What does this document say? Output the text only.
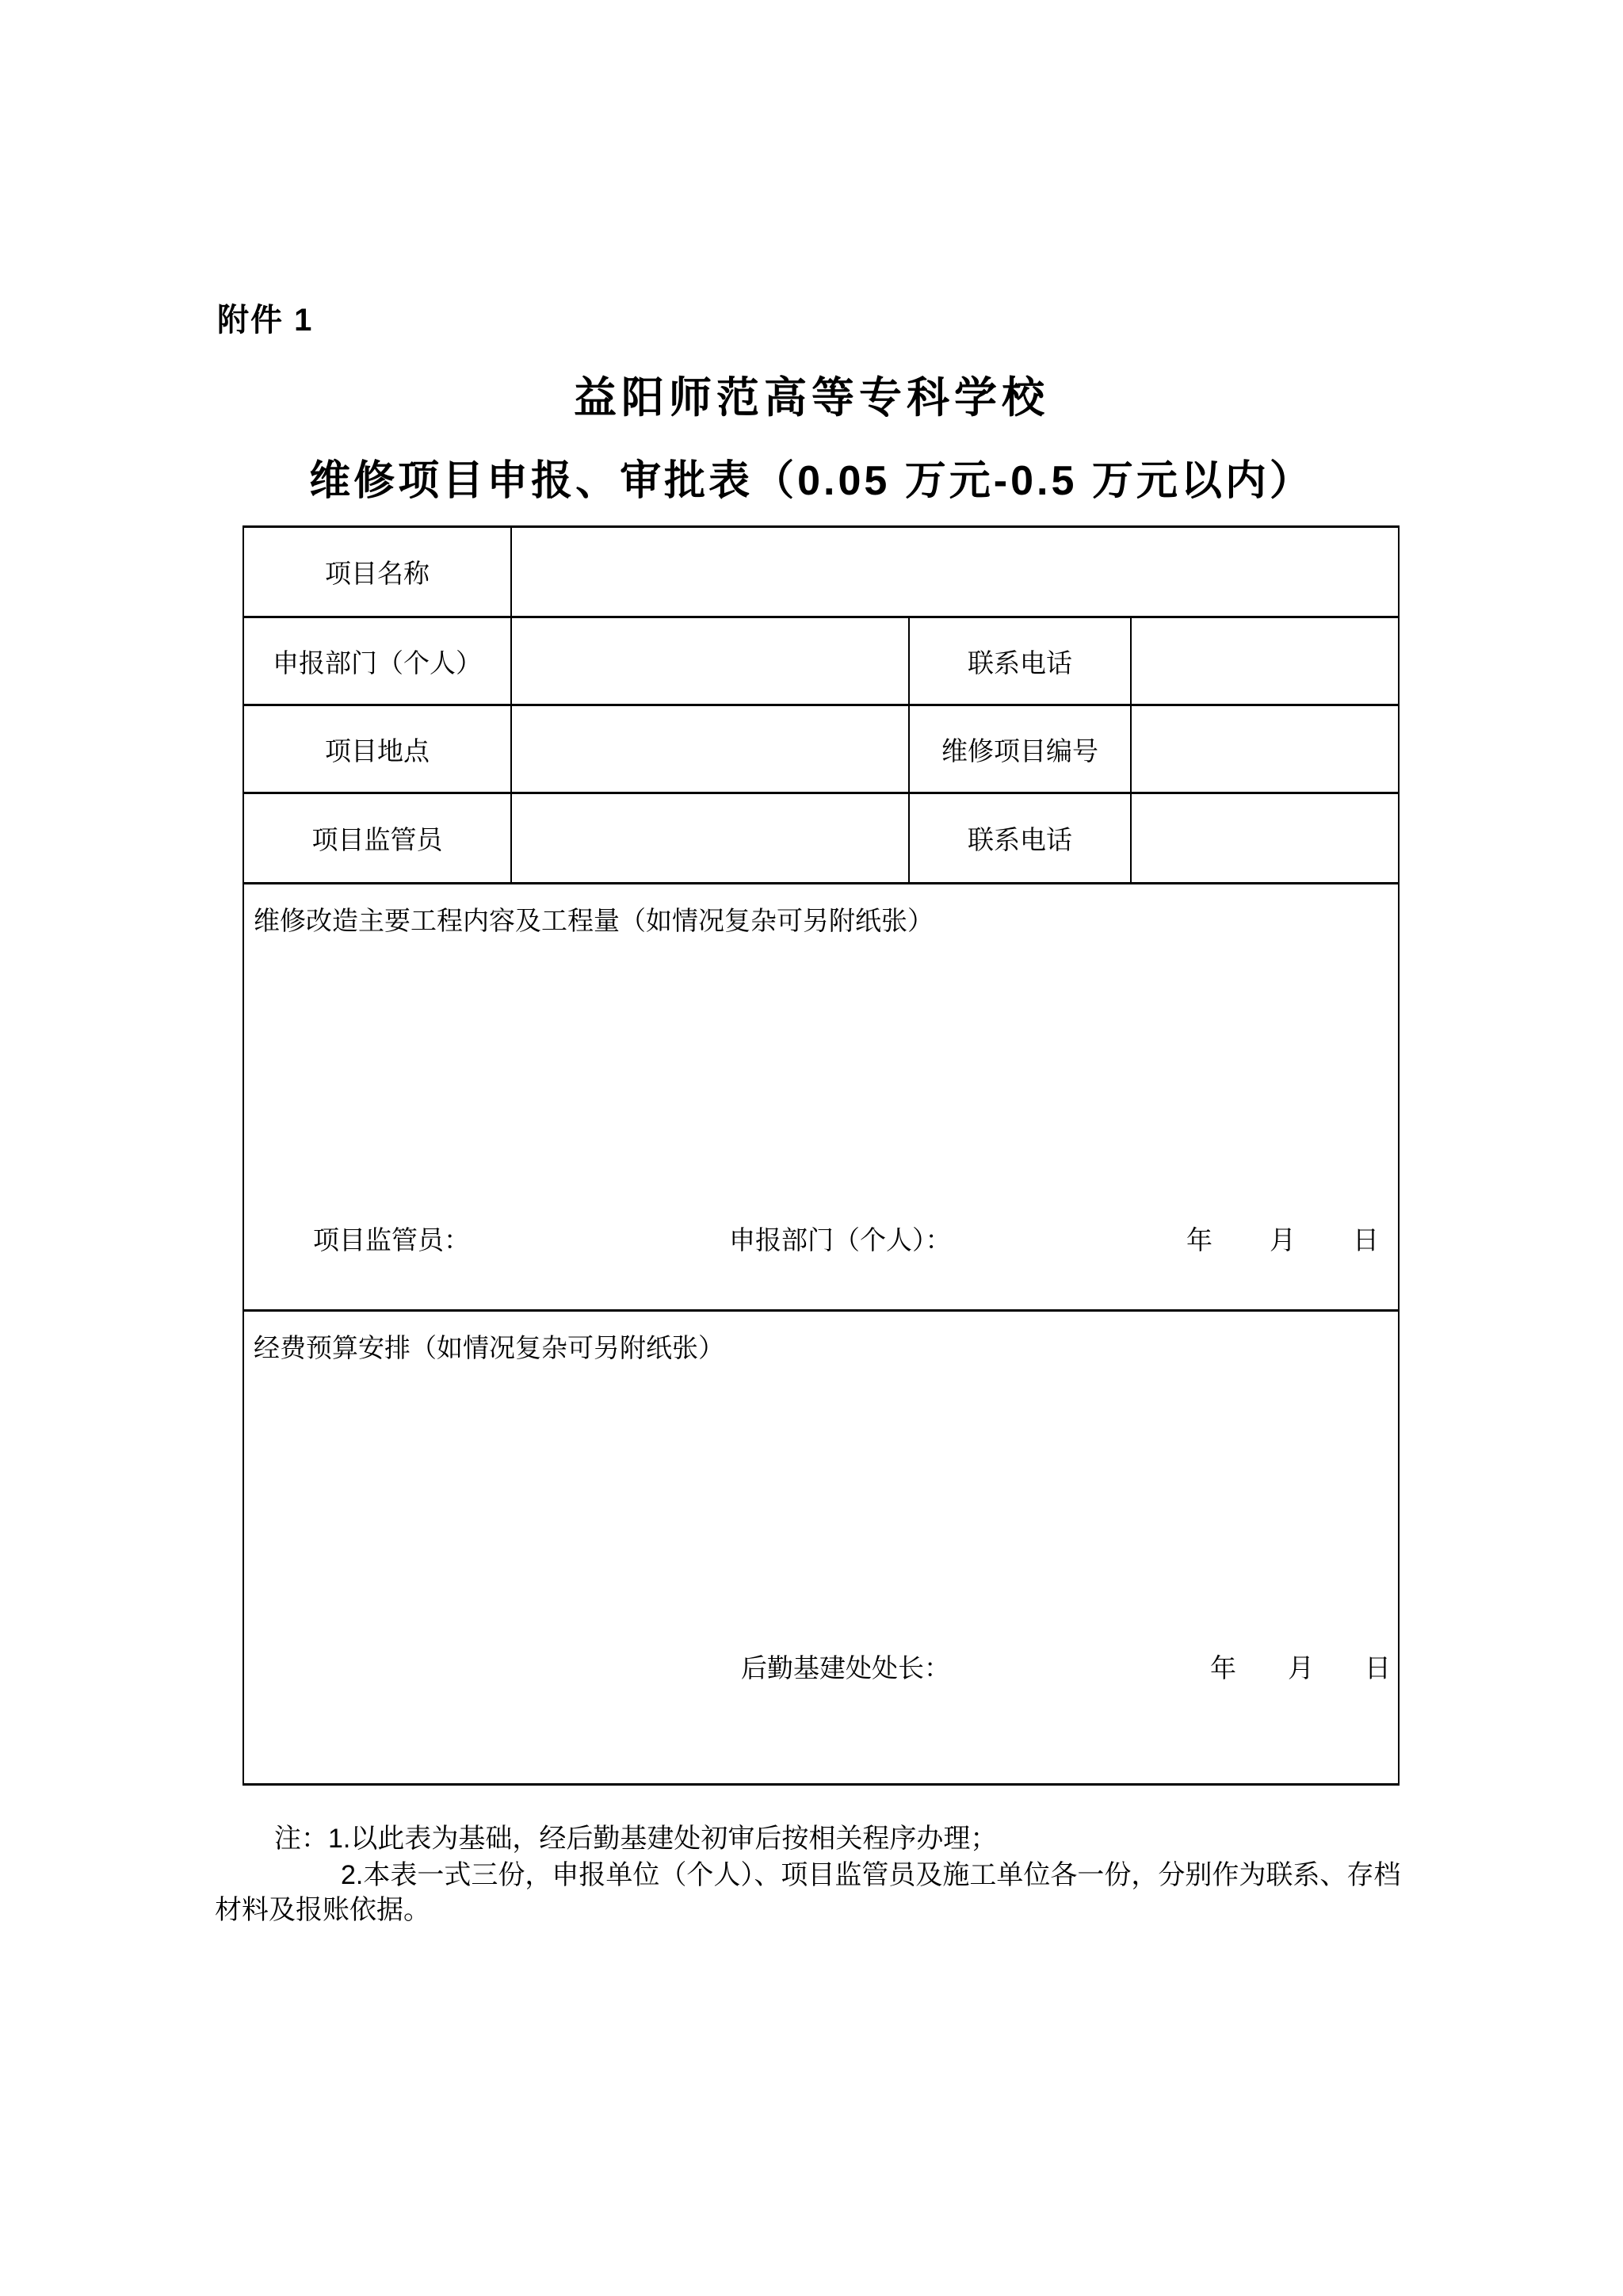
附件 1
益阳师范高等专科学校
维修项目申报、审批表（0.05 万元-0.5 万元以内）
项目名称
申报部门（个人）	联系电话
项目地点	维修项目编号
项目监管员	联系电话
维修改造主要工程内容及工程量（如情况复杂可另附纸张）
项目监管员：	申报部门（个人）：	年 月 日
经费预算安排（如情况复杂可另附纸张）
后勤基建处处长：	年 月 日
注：1.以此表为基础，经后勤基建处初审后按相关程序办理；
2.本表一式三份，申报单位（个人）、项目监管员及施工单位各一份，分别作为联系、存档
材料及报账依据。
